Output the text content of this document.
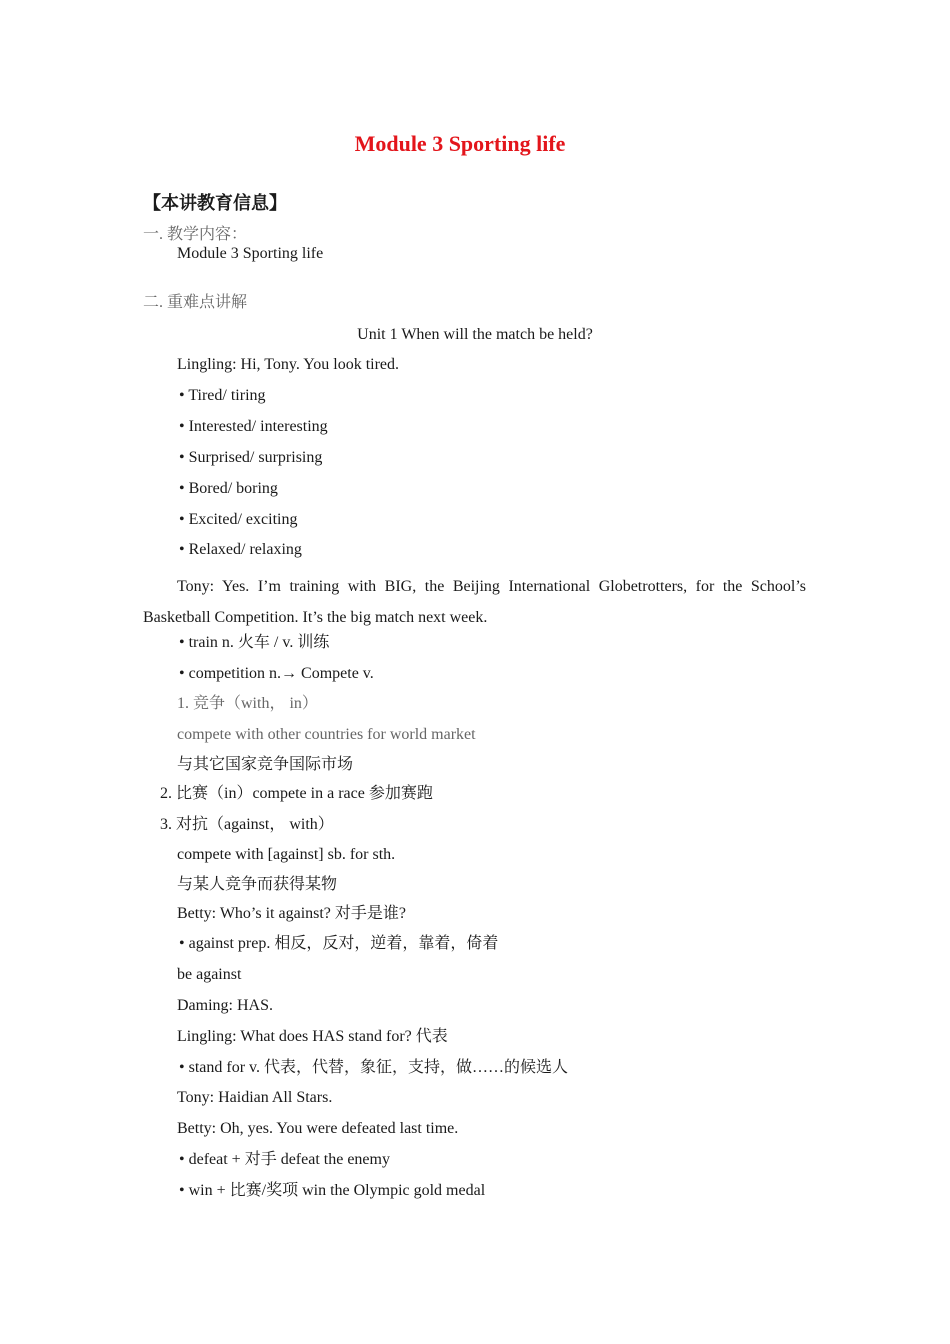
Module 3 Sporting life
【本讲教育信息】
一. 教学内容：
Module 3 Sporting life
二. 重难点讲解
Unit 1 When will the match be held?
Lingling: Hi, Tony. You look tired.
• Tired/ tiring
• Interested/ interesting
• Surprised/ surprising
• Bored/ boring
• Excited/ exciting
• Relaxed/ relaxing
Tony: Yes. I’m training with BIG, the Beijing International Globetrotters, for the School’s Basketball Competition. It’s the big match next week.
• train n. 火车 / v. 训练
• competition n.→ Compete v.
1. 竞争（with， in）
compete with other countries for world market
与其它国家竞争国际市场
2. 比赛（in）compete in a race 参加赛跑
3. 对抗（against， with）
compete with [against] sb. for sth.
与某人竞争而获得某物
Betty: Who’s it against? 对手是谁?
• against prep. 相反，反对，逆着，靠着，倚着
be against
Daming: HAS.
Lingling: What does HAS stand for? 代表
• stand for v. 代表，代替，象征，支持，做……的候选人
Tony: Haidian All Stars.
Betty: Oh, yes. You were defeated last time.
• defeat + 对手 defeat the enemy
• win + 比赛/奖项 win the Olympic gold medal
